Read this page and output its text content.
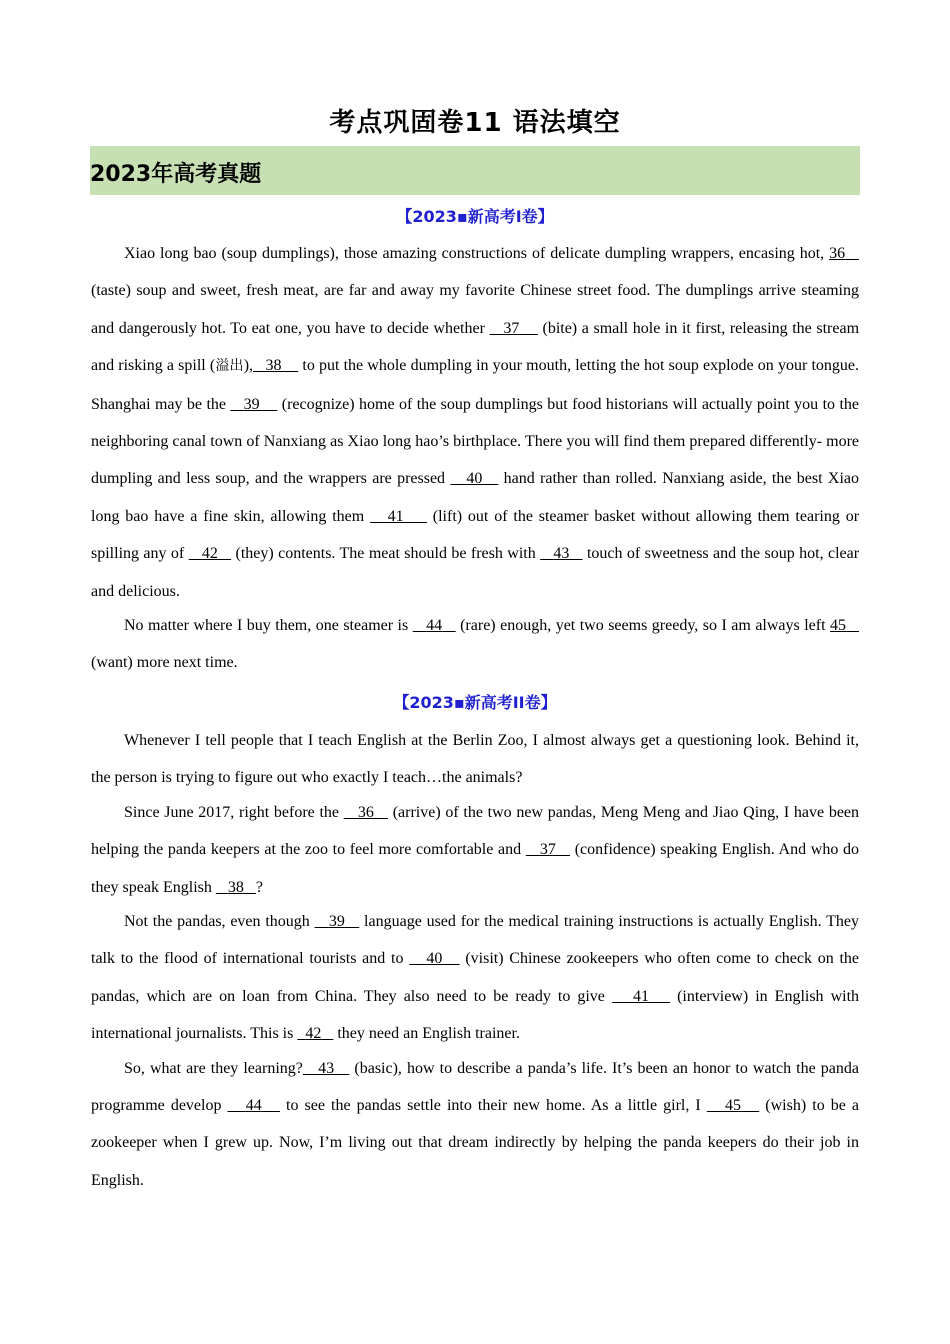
考点巩固卷11 语法填空
2023年高考真题
【2023▪新高考I卷】

Xiao long bao (soup dumplings), those amazing constructions of delicate dumpling wrappers, encasing hot, 36    (taste) soup and sweet, fresh meat, are far and away my favorite Chinese street food. The dumplings arrive steaming and dangerously hot. To eat one, you have to decide whether    37     (bite) a small hole in it first, releasing the stream and risking a spill (溢出), 38     to put the whole dumpling in your mouth, letting the hot soup explode on your tongue. Shanghai may be the    39     (recognize) home of the soup dumplings but food historians will actually point you to the neighboring canal town of Nanxiang as Xiao long hao’s birthplace. There you will find them prepared differently- more dumpling and less soup, and the wrappers are pressed    40    hand rather than rolled. Nanxiang aside, the best Xiao long bao have a fine skin, allowing them    41     (lift) out of the steamer basket without allowing them tearing or spilling any of    42    (they) contents. The meat should be fresh with    43    touch of sweetness and the soup hot, clear and delicious.

No matter where I buy them, one steamer is    44    (rare) enough, yet two seems greedy, so I am always left 45    (want) more next time.

【2023▪新高考II卷】

Whenever I tell people that I teach English at the Berlin Zoo, I almost always get a questioning look. Behind it, the person is trying to figure out who exactly I teach…the animals?

Since June 2017, right before the    36    (arrive) of the two new pandas, Meng Meng and Jiao Qing, I have been helping the panda keepers at the zoo to feel more comfortable and    37    (confidence) speaking English. And who do they speak English    38 ?

Not the pandas, even though    39    language used for the medical training instructions is actually English. They talk to the flood of international tourists and to    40    (visit) Chinese zookeepers who often come to check on the pandas, which are on loan from China. They also need to be ready to give    41    (interview) in English with international journalists. This is   42    they need an English trainer.

So, what are they learning? 43    (basic), how to describe a panda’s life. It’s been an honor to watch the panda programme develop    44    to see the pandas settle into their new home. As a little girl, I    45    (wish) to be a zookeeper when I grew up. Now, I’m living out that dream indirectly by helping the panda keepers do their job in English.
